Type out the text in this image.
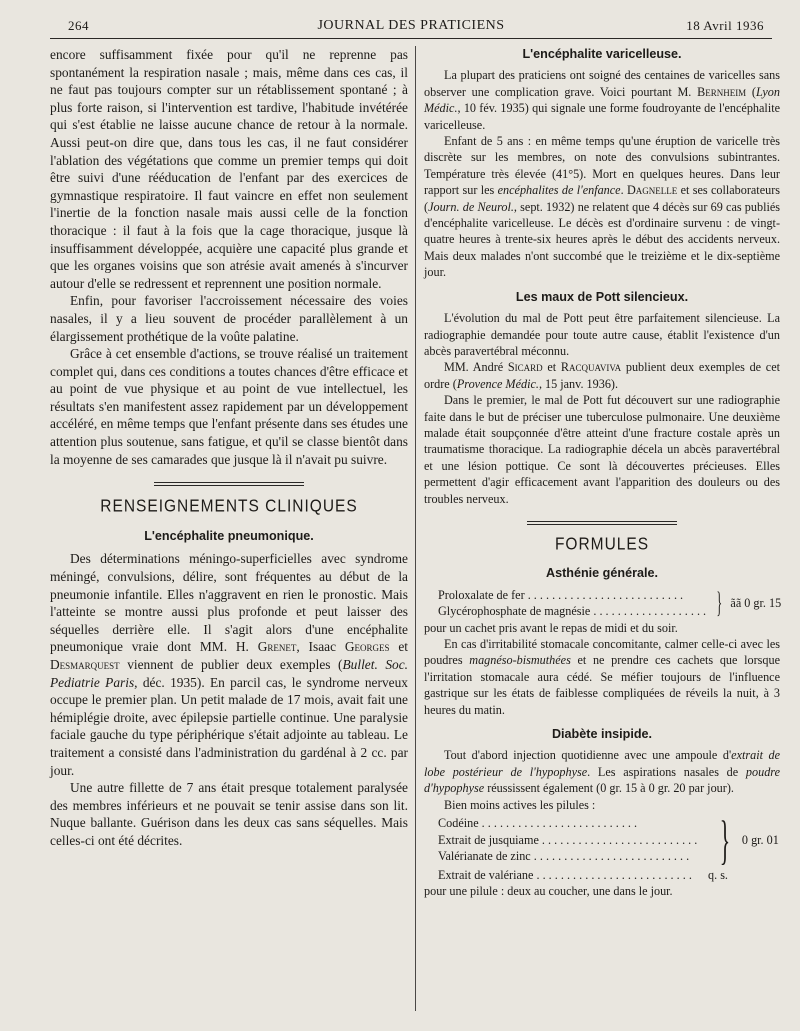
264	JOURNAL DES PRATICIENS	18 Avril 1936

encore suffisamment fixée pour qu'il ne reprenne pas spontanément la respiration nasale ; mais, même dans ces cas, il ne faut pas toujours compter sur un rétablissement spontané ; à plus forte raison, si l'intervention est tardive, l'habitude invétérée qui s'est établie ne laisse aucune chance de retour à la normale. Aussi peut-on dire que, dans tous les cas, il ne faut considérer l'ablation des végétations que comme un premier temps qui doit être suivi d'une rééducation de l'enfant par des exercices de gymnastique respiratoire. Il faut vaincre en effet non seulement l'inertie de la fonction nasale mais aussi celle de la fonction thoracique : il faut à la fois que la cage thoracique, jusque là insuffisamment développée, acquière une capacité plus grande et que les organes voisins que son atrésie avait amenés à s'incurver autour d'elle se redressent et reprennent une position normale.

Enfin, pour favoriser l'accroissement nécessaire des voies nasales, il y a lieu souvent de procéder parallèlement à un élargissement prothétique de la voûte palatine.

Grâce à cet ensemble d'actions, se trouve réalisé un traitement complet qui, dans ces conditions a toutes chances d'être efficace et au point de vue physique et au point de vue intellectuel, les résultats s'en manifestent assez rapidement par un développement accéléré, en même temps que l'enfant présente dans ses études une attention plus soutenue, sans fatigue, et qu'il se classe bientôt dans la moyenne de ses camarades que jusque là il n'avait pu suivre.

RENSEIGNEMENTS CLINIQUES
L'encéphalite pneumonique.

Des déterminations méningo-superficielles avec syndrome méningé, convulsions, délire, sont fréquentes au début de la pneumonie infantile. Elles n'aggravent en rien le pronostic. Mais l'atteinte se montre aussi plus profonde et peut laisser des séquelles derrière elle. Il s'agit alors d'une encéphalite pneumonique vraie dont MM. H. Grenet, Isaac Georges et Desmarquest viennent de publier deux exemples (Bullet. Soc. Pediatrie Paris, déc. 1935). En parcil cas, le syndrome nerveux occupe le premier plan. Un petit malade de 17 mois, avait fait une hémiplégie droite, avec épilepsie partielle continue. Une paralysie faciale gauche du type périphérique s'était adjointe au tableau. Le traitement a consisté dans l'administration du gardénal à 2 cc. par jour.

Une autre fillette de 7 ans était presque totalement paralysée des membres inférieurs et ne pouvait se tenir assise dans son lit. Nuque ballante. Guérison dans les deux cas sans séquelles. Mais celles-ci ont été décrites.

L'encéphalite varicelleuse.

La plupart des praticiens ont soigné des centaines de varicelles sans observer une complication grave. Voici pourtant M. Bernheim (Lyon Médic., 10 fév. 1935) qui signale une forme foudroyante de l'encéphalite varicelleuse.

Enfant de 5 ans : en même temps qu'une éruption de varicelle très discrète sur les membres, on note des convulsions subintrantes. Température très élevée (41°5). Mort en quelques heures. Dans leur rapport sur les encéphalites de l'enfance. Dagnelle et ses collaborateurs (Journ. de Neurol., sept. 1932) ne relatent que 4 décès sur 69 cas publiés d'encéphalite varicelleuse. Le décès est d'ordinaire survenu : de vingt-quatre heures à trente-six heures après le début des accidents nerveux. Mais deux malades n'ont succombé que le treizième et le dix-septième jour.

Les maux de Pott silencieux.

L'évolution du mal de Pott peut être parfaitement silencieuse. La radiographie demandée pour toute autre cause, établit l'existence d'un abcès paravertébral méconnu.

MM. André Sicard et Racquaviva publient deux exemples de cet ordre (Provence Médic., 15 janv. 1936).

Dans le premier, le mal de Pott fut découvert sur une radiographie faite dans le but de préciser une tuberculose pulmonaire. Une deuxième malade était soupçonnée d'être atteint d'une fracture costale après un traumatisme thoracique. La radiographie décela un abcès paravertébral et une lésion pottique. Ce sont là découvertes précieuses. Elles permettent d'agir efficacement avant l'apparition des douleurs ou des troubles nerveux.

FORMULES
Asthénie générale.
Proloxalate de fer . . .
Glycérophosphate de magnésie . . .	} ãã 0 gr. 15

pour un cachet pris avant le repas de midi et du soir.

En cas d'irritabilité stomacale concomitante, calmer celle-ci avec les poudres magnéso-bismuthées et ne prendre ces cachets que lorsque l'irritation stomacale aura cédé. Se méfier toujours de l'influence gastrique sur les états de faiblesse compliquées de réveils la nuit, à 3 heures du matin.

Diabète insipide.

Tout d'abord injection quotidienne avec une ampoule d'extrait de lobe postérieur de l'hypophyse. Les aspirations nasales de poudre d'hypophyse réussissent également (0 gr. 15 à 0 gr. 20 par jour).

Bien moins actives les pilules :

Codéine . . .
Extrait de jusquiame . . .
Valérianate de zinc . . .	} 0 gr. 01
Extrait de valériane . . .	q. s.

pour une pilule : deux au coucher, une dans le jour.
